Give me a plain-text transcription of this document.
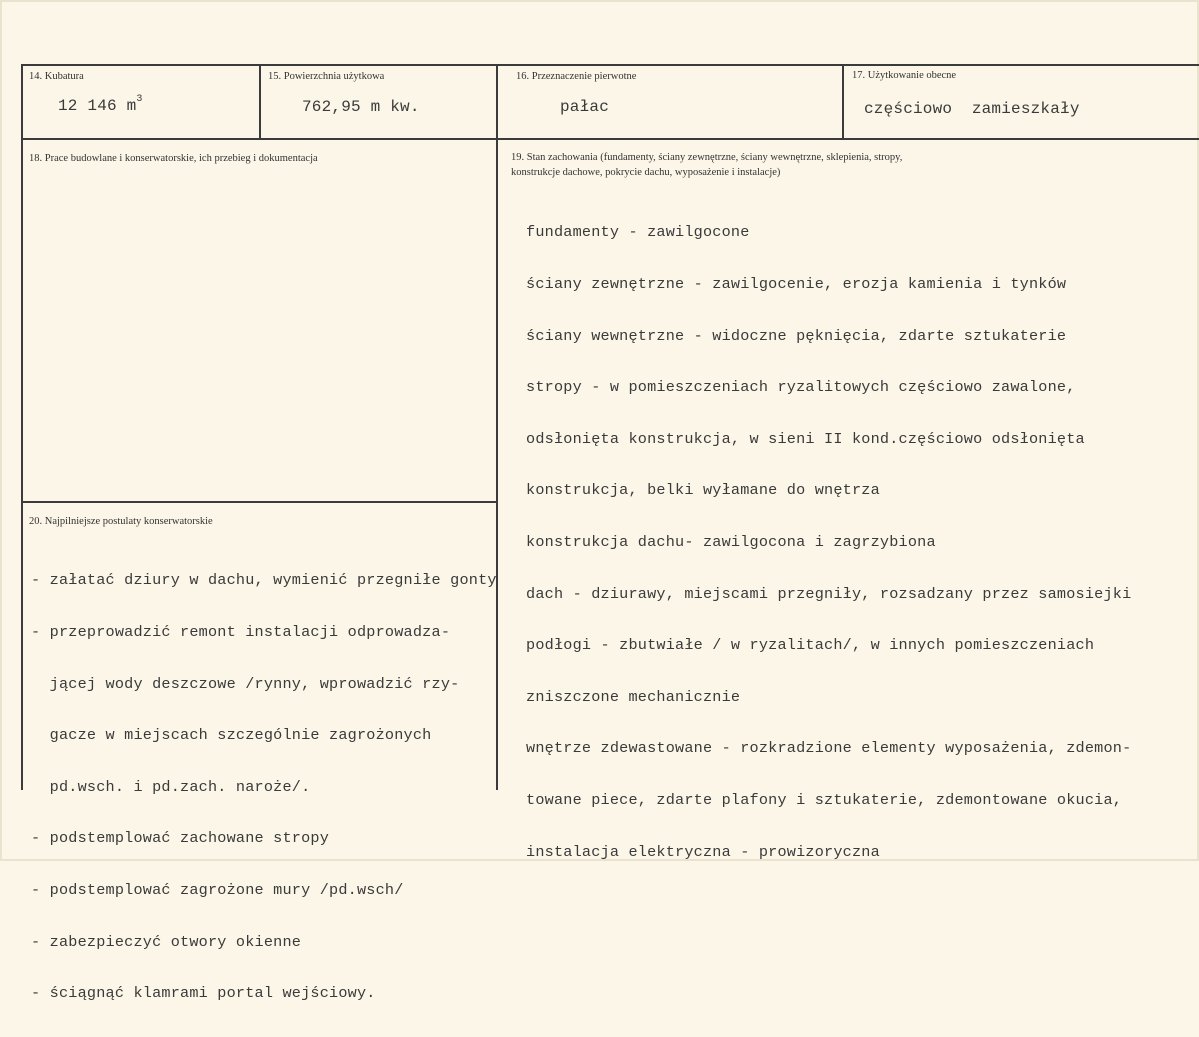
14. Kubatura
12 146 $m^3$
15. Powierzchnia użytkowa
762,95 m kw.
16. Przeznaczenie pierwotne
pałac
17. Użytkowanie obecne
częściowo  zamieszkały
18. Prace budowlane i konserwatorskie, ich przebieg i dokumentacja	19. Stan zachowania (fundamenty, ściany zewnętrzne, ściany wewnętrzne, sklepienia, stropy,
konstrukcje dachowe, pokrycie dachu, wyposażenie i instalacje)

fundamenty - zawilgocone

ściany zewnętrzne - zawilgocenie, erozja kamienia i tynków

ściany wewnętrzne - widoczne pęknięcia, zdarte sztukaterie

stropy - w pomieszczeniach ryzalitowych częściowo zawalone,

odsłonięta konstrukcja, w sieni II kond.częściowo odsłonięta

konstrukcja, belki wyłamane do wnętrza

konstrukcja dachu- zawilgocona i zagrzybiona

dach - dziurawy, miejscami przegniły, rozsadzany przez samosiejki

podłogi - zbutwiałe / w ryzalitach/, w innych pomieszczeniach

zniszczone mechanicznie

wnętrze zdewastowane - rozkradzione elementy wyposażenia, zdemon-

towane piece, zdarte plafony i sztukaterie, zdemontowane okucia,

instalacja elektryczna - prowizoryczna

20. Najpilniejsze postulaty konserwatorskie

- załatać dziury w dachu, wymienić przegniłe gonty

- przeprowadzić remont instalacji odprowadza-

jącej wody deszczowe /rynny, wprowadzić rzy-

gacze w miejscach szczególnie zagrożonych

pd.wsch. i pd.zach. naroże/.

- podstemplować zachowane stropy

- podstemplować zagrożone mury /pd.wsch/

- zabezpieczyć otwory okienne

- ściągnąć klamrami portal wejściowy.
